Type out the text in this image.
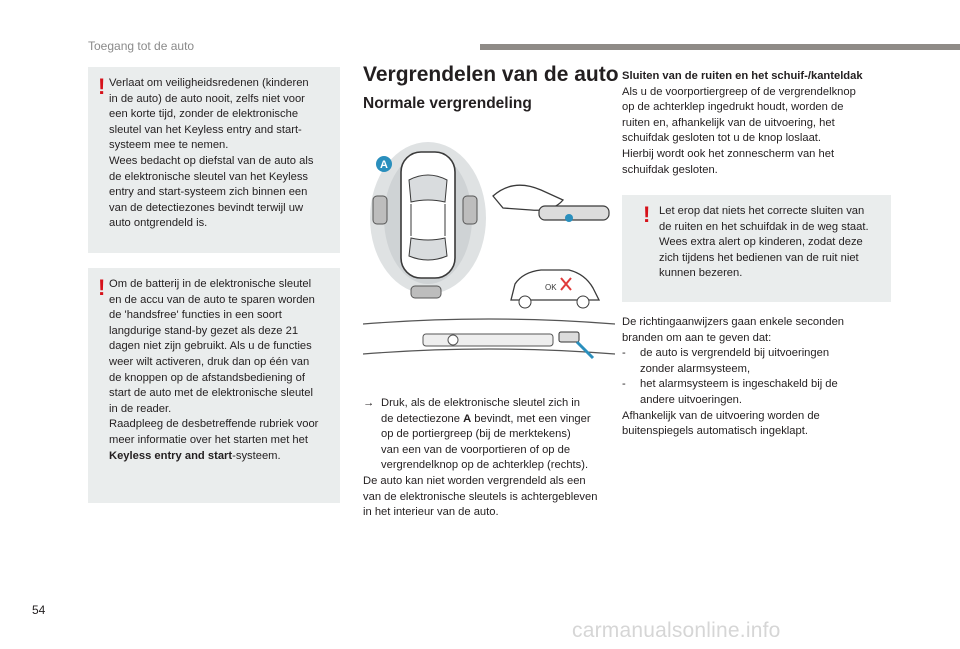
Toegang tot de auto
! Verlaat om veiligheidsredenen (kinderen
in de auto) de auto nooit, zelfs niet voor
een korte tijd, zonder de elektronische
sleutel van het Keyless entry and start-
systeem mee te nemen.
Wees bedacht op diefstal van de auto als
de elektronische sleutel van het Keyless
entry and start-systeem zich binnen een
van de detectiezones bevindt terwijl uw
auto ontgrendeld is.
! Om de batterij in de elektronische sleutel
en de accu van de auto te sparen worden
de 'handsfree' functies in een soort
langdurige stand-by gezet als deze 21
dagen niet zijn gebruikt. Als u de functies
weer wilt activeren, druk dan op één van
de knoppen op de afstandsbediening of
start de auto met de elektronische sleutel
in de reader.
Raadpleeg de desbetreffende rubriek voor
meer informatie over het starten met het
Keyless entry and start-systeem.
Vergrendelen van de auto
Normale vergrendeling
A
OK
→ Druk, als de elektronische sleutel zich in
de detectiezone A bevindt, met een vinger
op de portiergreep (bij de merktekens)
van een van de voorportieren of op de
vergrendelknop op de achterklep (rechts).
De auto kan niet worden vergrendeld als een
van de elektronische sleutels is achtergebleven
in het interieur van de auto.
Sluiten van de ruiten en het schuif-/kanteldak
Als u de voorportiergreep of de vergrendelknop
op de achterklep ingedrukt houdt, worden de
ruiten en, afhankelijk van de uitvoering, het
schuifdak gesloten tot u de knop loslaat.
Hierbij wordt ook het zonnescherm van het
schuifdak gesloten.
! Let erop dat niets het correcte sluiten van
de ruiten en het schuifdak in de weg staat.
Wees extra alert op kinderen, zodat deze
zich tijdens het bedienen van de ruit niet
kunnen bezeren.
De richtingaanwijzers gaan enkele seconden
branden om aan te geven dat:
- de auto is vergrendeld bij uitvoeringen
zonder alarmsysteem,
- het alarmsysteem is ingeschakeld bij de
andere uitvoeringen.
Afhankelijk van de uitvoering worden de
buitenspiegels automatisch ingeklapt.
54
carmanualsonline.info
